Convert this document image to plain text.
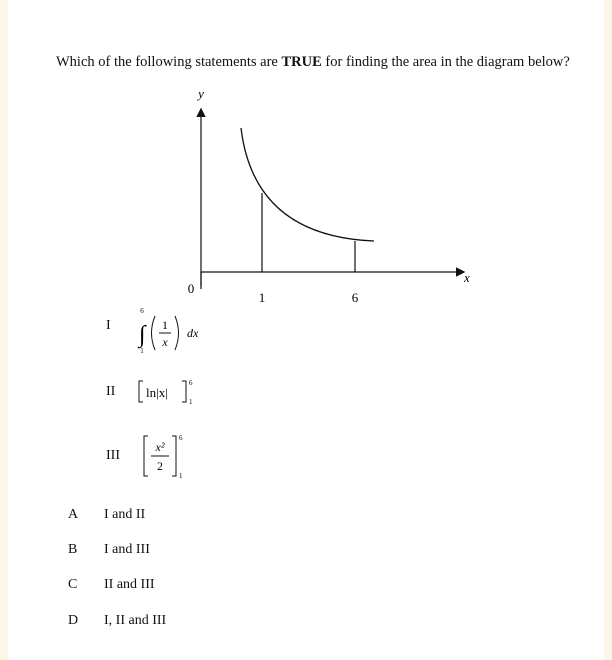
Which of the following statements are TRUE for finding the area in the diagram below?
y
x
0
1	6
I
6
∫
1
1
x
dx
II ln|x|
6
1
III
x²
2
6
1
A I and II
B I and III
C II and III
D I, II and III
